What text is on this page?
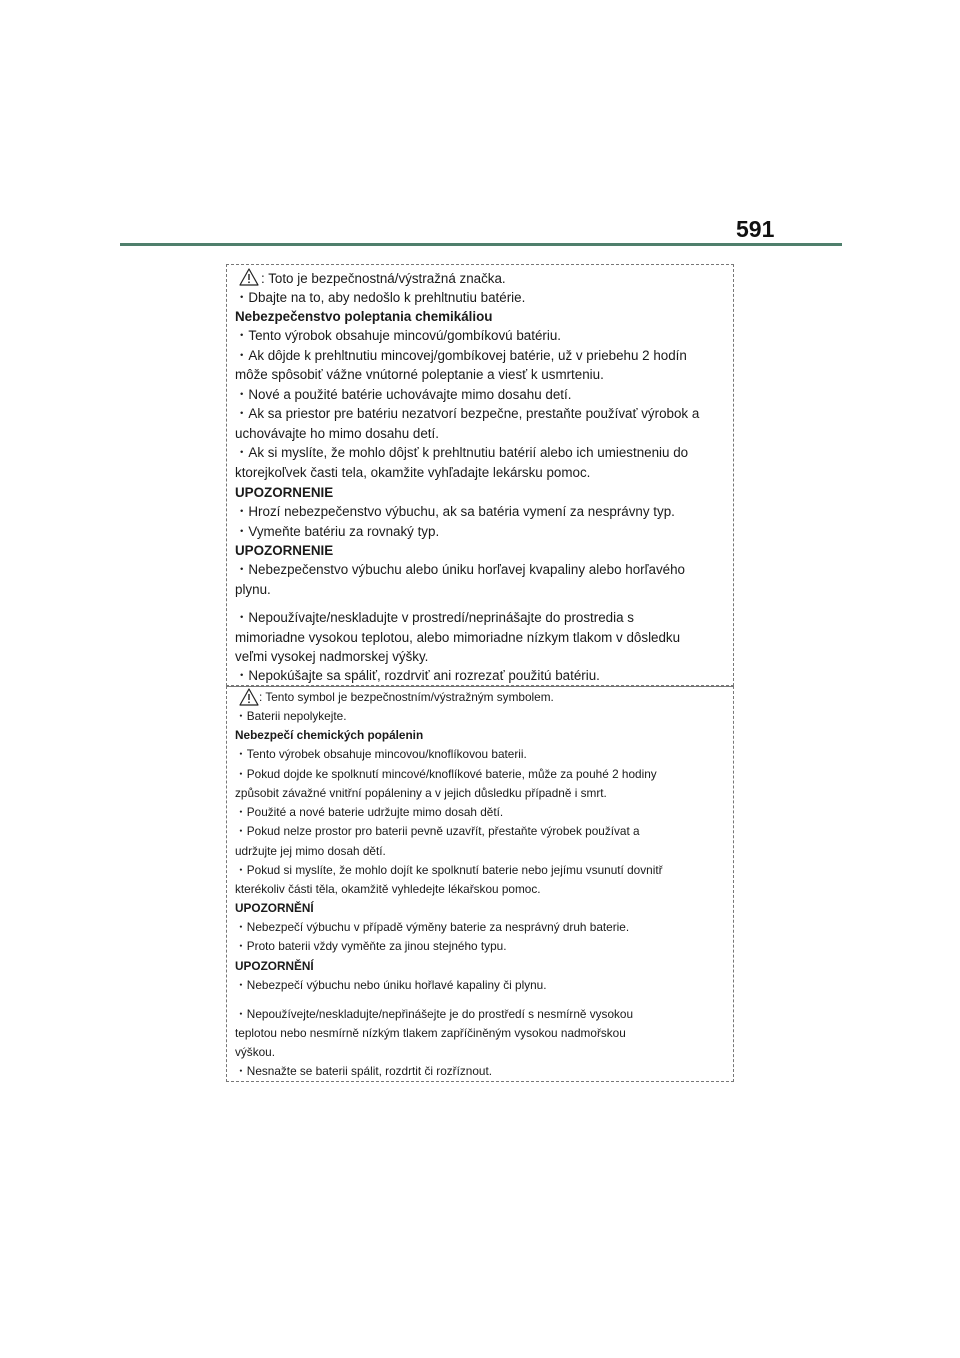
591
: Toto je bezpečnostná/výstražná značka.
・Dbajte na to, aby nedošlo k prehltnutiu batérie.
Nebezpečenstvo poleptania chemikáliou
・Tento výrobok obsahuje mincovú/gombíkovú batériu.
・Ak dôjde k prehltnutiu mincovej/gombíkovej batérie, už v priebehu 2 hodín
môže spôsobiť vážne vnútorné poleptanie a viesť k usmrteniu.
・Nové a použité batérie uchovávajte mimo dosahu detí.
・Ak sa priestor pre batériu nezatvorí bezpečne, prestaňte používať výrobok a
uchovávajte ho mimo dosahu detí.
・Ak si myslíte, že mohlo dôjsť k prehltnutiu batérií alebo ich umiestneniu do
ktorejkoľvek časti tela, okamžite vyhľadajte lekársku pomoc.
UPOZORNENIE
・Hrozí nebezpečenstvo výbuchu, ak sa batéria vymení za nesprávny typ.
・Vymeňte batériu za rovnaký typ.
UPOZORNENIE
・Nebezpečenstvo výbuchu alebo úniku horľavej kvapaliny alebo horľavého
plynu.
・Nepoužívajte/neskladujte v prostredí/neprinášajte do prostredia s
mimoriadne vysokou teplotou, alebo mimoriadne nízkym tlakom v dôsledku
veľmi vysokej nadmorskej výšky.
・Nepokúšajte sa spáliť, rozdrviť ani rozrezať použitú batériu.
: Tento symbol je bezpečnostním/výstražným symbolem.
・Baterii nepolykejte.
Nebezpečí chemických popálenin
・Tento výrobek obsahuje mincovou/knoflíkovou baterii.
・Pokud dojde ke spolknutí mincové/knoflíkové baterie, může za pouhé 2 hodiny
způsobit závažné vnitřní popáleniny a v jejich důsledku případně i smrt.
・Použité a nové baterie udržujte mimo dosah dětí.
・Pokud nelze prostor pro baterii pevně uzavřít, přestaňte výrobek používat a
udržujte jej mimo dosah dětí.
・Pokud si myslíte, že mohlo dojít ke spolknutí baterie nebo jejímu vsunutí dovnitř
kterékoliv části těla, okamžitě vyhledejte lékařskou pomoc.
UPOZORNĚNÍ
・Nebezpečí výbuchu v případě výměny baterie za nesprávný druh baterie.
・Proto baterii vždy vyměňte za jinou stejného typu.
UPOZORNĚNÍ
・Nebezpečí výbuchu nebo úniku hořlavé kapaliny či plynu.
・Nepoužívejte/neskladujte/nepřinášejte je do prostředí s nesmírně vysokou
teplotou nebo nesmírně nízkým tlakem zapříčiněným vysokou nadmořskou
výškou.
・Nesnažte se baterii spálit, rozdrtit či rozříznout.
